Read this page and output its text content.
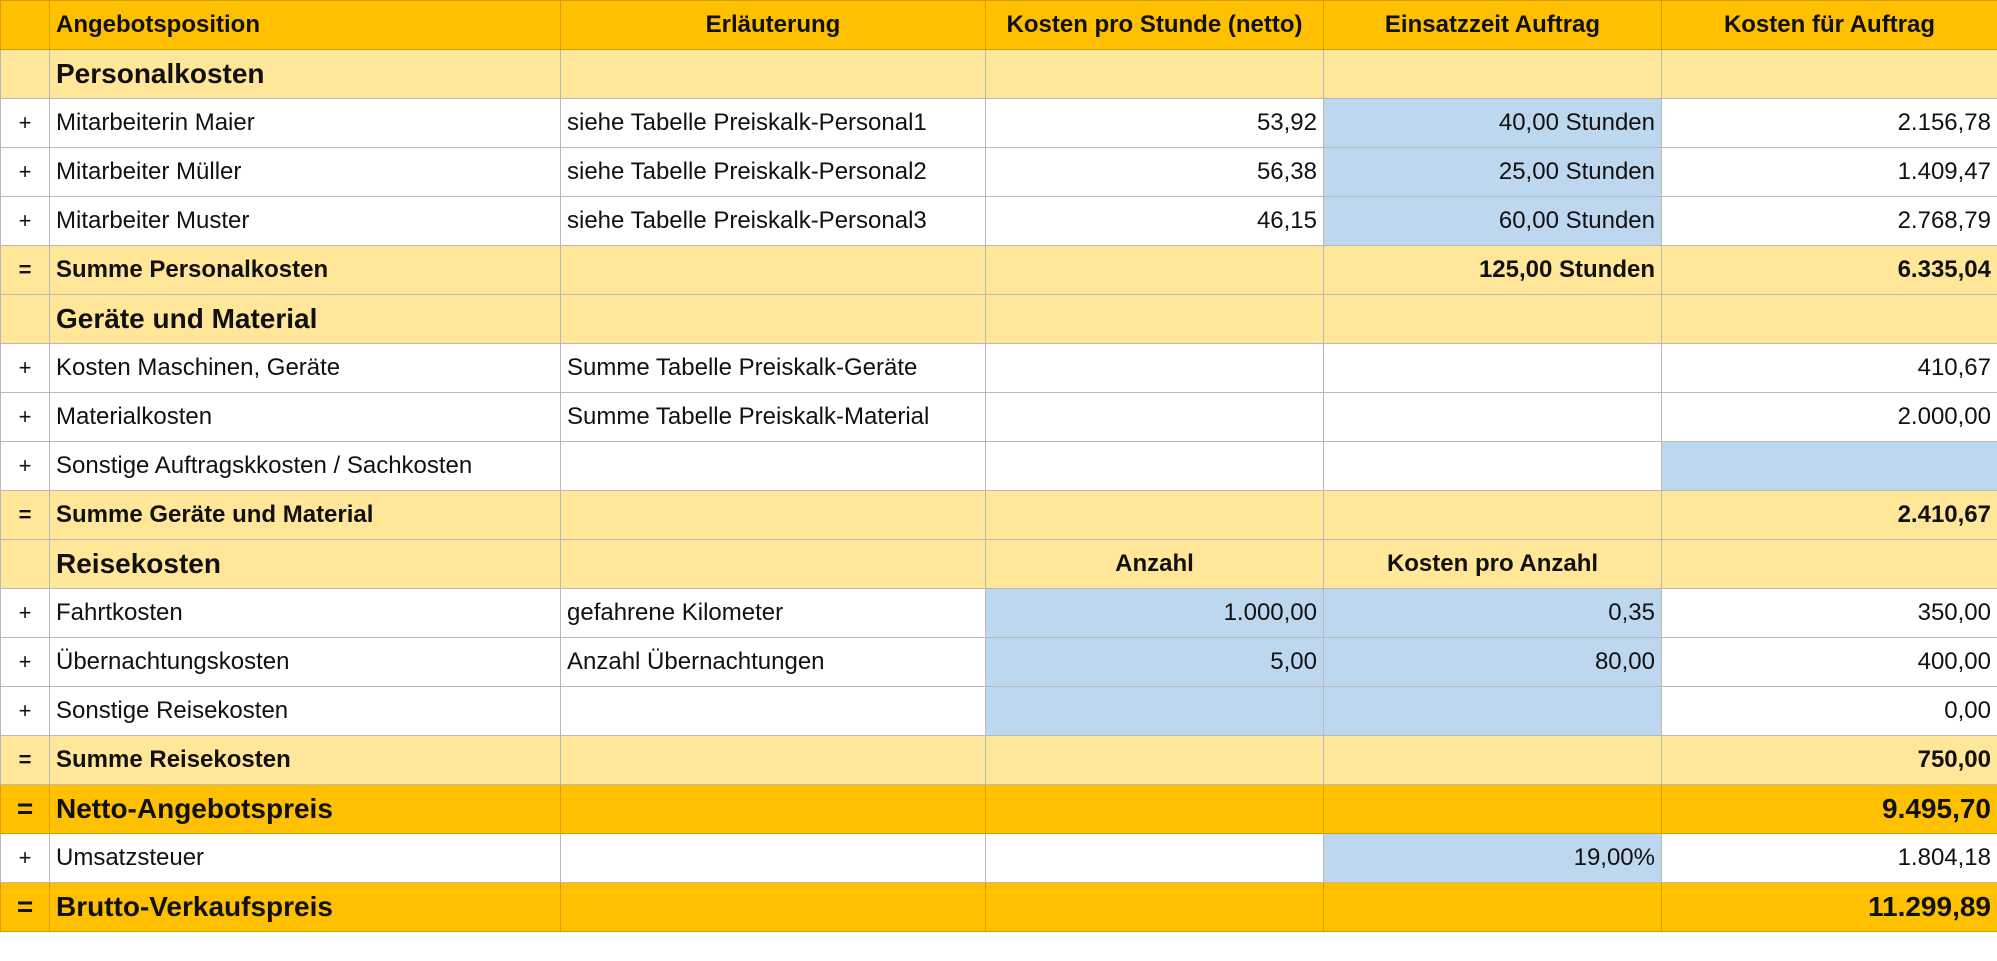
	Angebotsposition	Erläuterung	Kosten pro Stunde (netto)	Einsatzzeit Auftrag	Kosten für Auftrag
	Personalkosten				
+	Mitarbeiterin Maier	siehe Tabelle Preiskalk-Personal1	53,92	40,00 Stunden	2.156,78
+	Mitarbeiter Müller	siehe Tabelle Preiskalk-Personal2	56,38	25,00 Stunden	1.409,47
+	Mitarbeiter Muster	siehe Tabelle Preiskalk-Personal3	46,15	60,00 Stunden	2.768,79
=	Summe Personalkosten			125,00 Stunden	6.335,04
	Geräte und Material				
+	Kosten Maschinen, Geräte	Summe Tabelle Preiskalk-Geräte			410,67
+	Materialkosten	Summe Tabelle Preiskalk-Material			2.000,00
+	Sonstige Auftragskkosten / Sachkosten				
=	Summe Geräte und Material				2.410,67
	Reisekosten		Anzahl	Kosten pro Anzahl	
+	Fahrtkosten	gefahrene Kilometer	1.000,00	0,35	350,00
+	Übernachtungskosten	Anzahl Übernachtungen	5,00	80,00	400,00
+	Sonstige Reisekosten				0,00
=	Summe Reisekosten				750,00
=	Netto-Angebotspreis				9.495,70
+	Umsatzsteuer			19,00%	1.804,18
=	Brutto-Verkaufspreis				11.299,89
